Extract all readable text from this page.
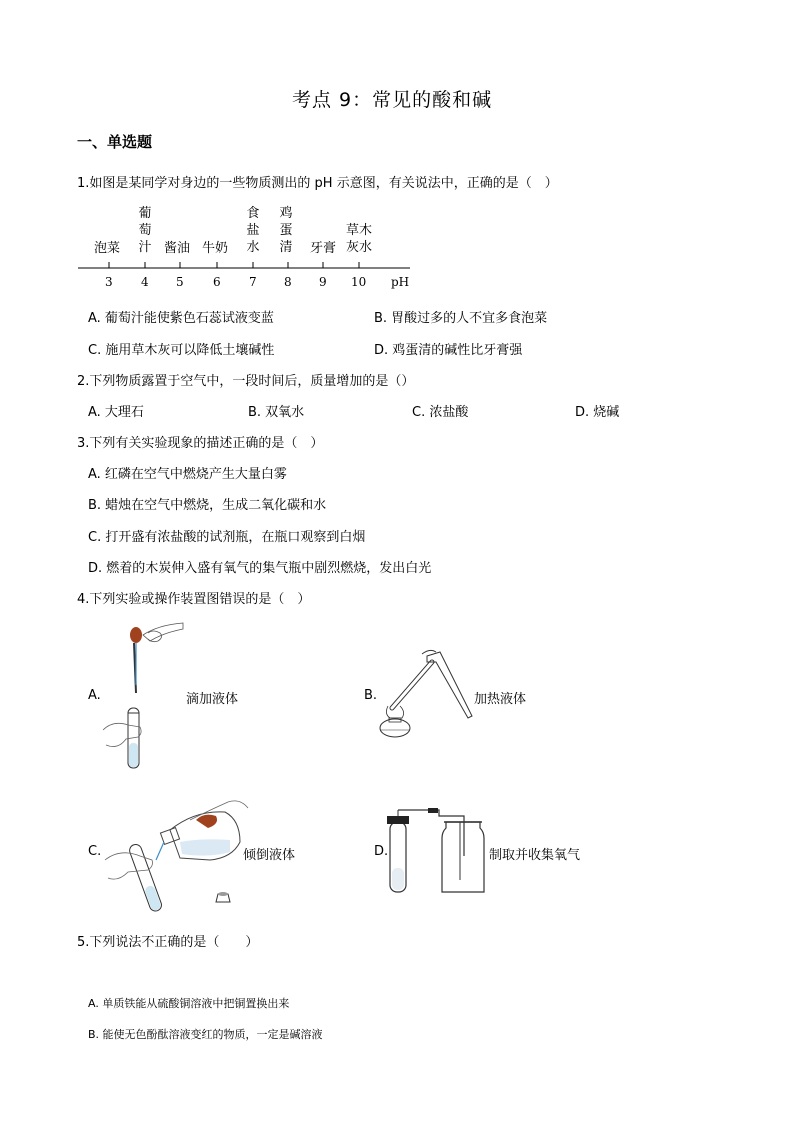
考点 9：常见的酸和碱
一、单选题
1.如图是某同学对身边的一些物质测出的 pH 示意图，有关说法中，正确的是（　）
泡菜
葡
萄
汁 酱油 牛奶
食
盐
水
鸡
蛋
清	牙膏
草木
灰水
3 4 5 6 7 8 9 10 pH
A. 葡萄汁能使紫色石蕊试液变蓝	B. 胃酸过多的人不宜多食泡菜
C. 施用草木灰可以降低土壤碱性	D. 鸡蛋清的碱性比牙膏强
2.下列物质露置于空气中，一段时间后，质量增加的是（）
A. 大理石	B. 双氧水	C. 浓盐酸	D. 烧碱
3.下列有关实验现象的描述正确的是（　）
A. 红磷在空气中燃烧产生大量白雾
B. 蜡烛在空气中燃烧，生成二氧化碳和水
C. 打开盛有浓盐酸的试剂瓶，在瓶口观察到白烟
D. 燃着的木炭伸入盛有氧气的集气瓶中剧烈燃烧，发出白光
4.下列实验或操作装置图错误的是（　）
A.	滴加液体	B.	加热液体
C.	倾倒液体	D.	制取并收集氧气
5.下列说法不正确的是（　　）
A. 单质铁能从硫酸铜溶液中把铜置换出来
B. 能使无色酚酞溶液变红的物质，一定是碱溶液
